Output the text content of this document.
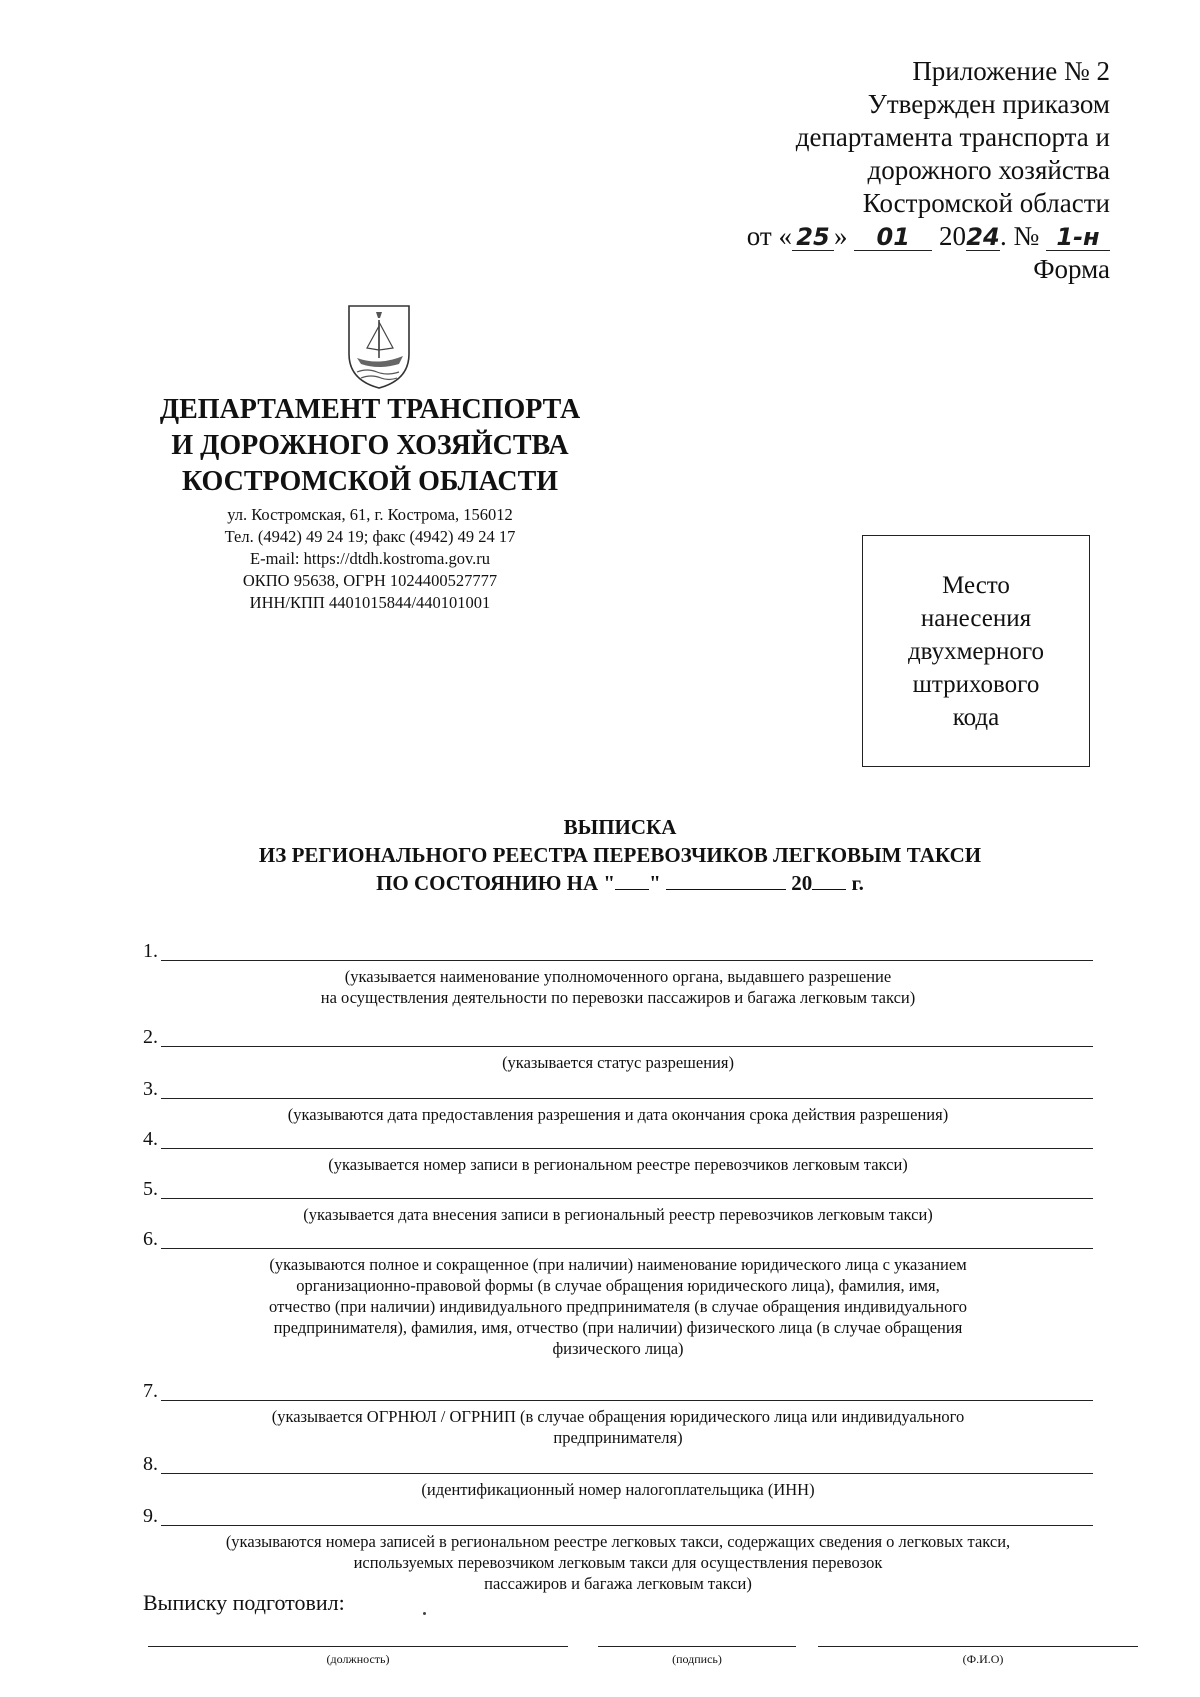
Приложение № 2
Утвержден приказом
департамента транспорта и
дорожного хозяйства
Костромской области
от « 25 » 01 2024. № 1-н
Форма
ДЕПАРТАМЕНТ ТРАНСПОРТА
И ДОРОЖНОГО ХОЗЯЙСТВА
КОСТРОМСКОЙ ОБЛАСТИ
ул. Костромская, 61, г. Кострома, 156012
Тел. (4942) 49 24 19; факс (4942) 49 24 17
E-mail: https://dtdh.kostroma.gov.ru
ОКПО 95638, ОГРН 1024400527777
ИНН/КПП 4401015844/440101001
Место
нанесения
двухмерного
штрихового
кода
ВЫПИСКА
ИЗ РЕГИОНАЛЬНОГО РЕЕСТРА ПЕРЕВОЗЧИКОВ ЛЕГКОВЫМ ТАКСИ
ПО СОСТОЯНИЮ НА " "	20 г.
1.
(указывается наименование уполномоченного органа, выдавшего разрешение
на осуществления деятельности по перевозки пассажиров и багажа легковым такси)
2.
(указывается статус разрешения)
3.
(указываются дата предоставления разрешения и дата окончания срока действия разрешения)
4.
(указывается номер записи в региональном реестре перевозчиков легковым такси)
5.
(указывается дата внесения записи в региональный реестр перевозчиков легковым такси)
6.
(указываются полное и сокращенное (при наличии) наименование юридического лица с указанием
организационно-правовой формы (в случае обращения юридического лица), фамилия, имя,
отчество (при наличии) индивидуального предпринимателя (в случае обращения индивидуального
предпринимателя), фамилия, имя, отчество (при наличии) физического лица (в случае обращения
физического лица)
7.
(указывается ОГРНЮЛ / ОГРНИП (в случае обращения юридического лица или индивидуального
предпринимателя)
8.
(идентификационный номер налогоплательщика (ИНН)
9.
(указываются номера записей в региональном реестре легковых такси, содержащих сведения о легковых такси,
используемых перевозчиком легковым такси для осуществления перевозок
пассажиров и багажа легковым такси)
Выписку подготовил:
(должность)	(подпись)	(Ф.И.О)
